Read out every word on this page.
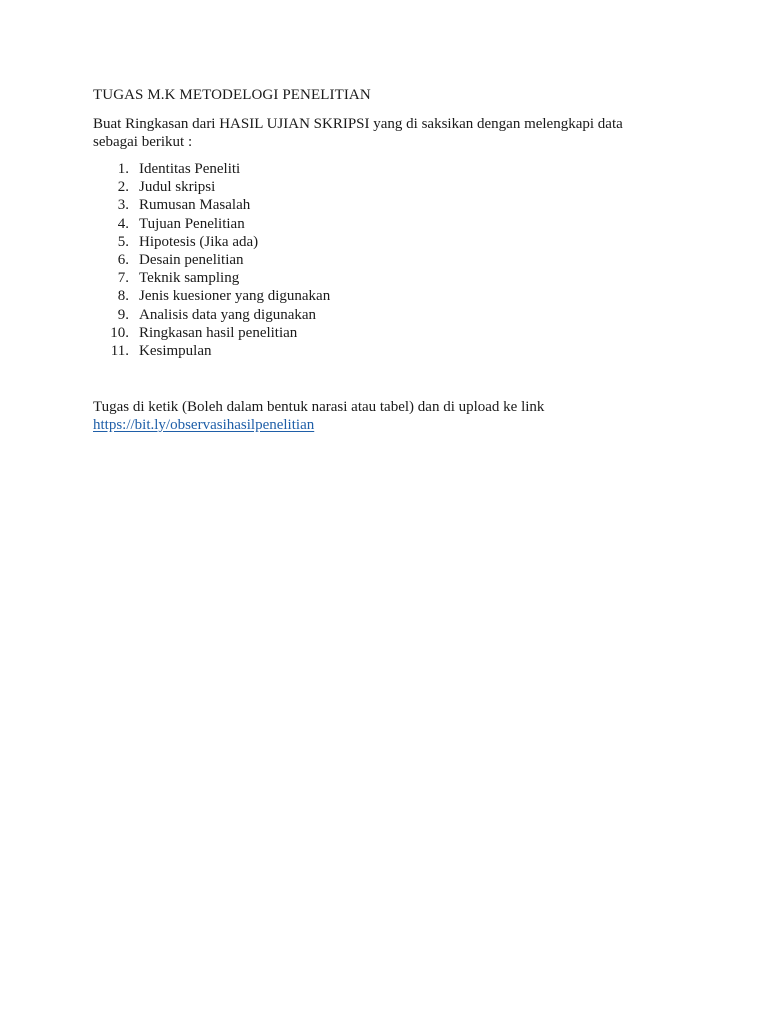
TUGAS M.K METODELOGI PENELITIAN

Buat Ringkasan dari HASIL UJIAN SKRIPSI yang di saksikan dengan melengkapi data
sebagai berikut :

1. Identitas Peneliti
2. Judul skripsi
3. Rumusan Masalah
4. Tujuan Penelitian
5. Hipotesis (Jika ada)
6. Desain penelitian
7. Teknik sampling
8. Jenis kuesioner yang digunakan
9. Analisis data yang digunakan
10. Ringkasan hasil penelitian
11. Kesimpulan

Tugas di ketik (Boleh dalam bentuk narasi atau tabel) dan di upload ke link
https://bit.ly/observasihasilpenelitian
